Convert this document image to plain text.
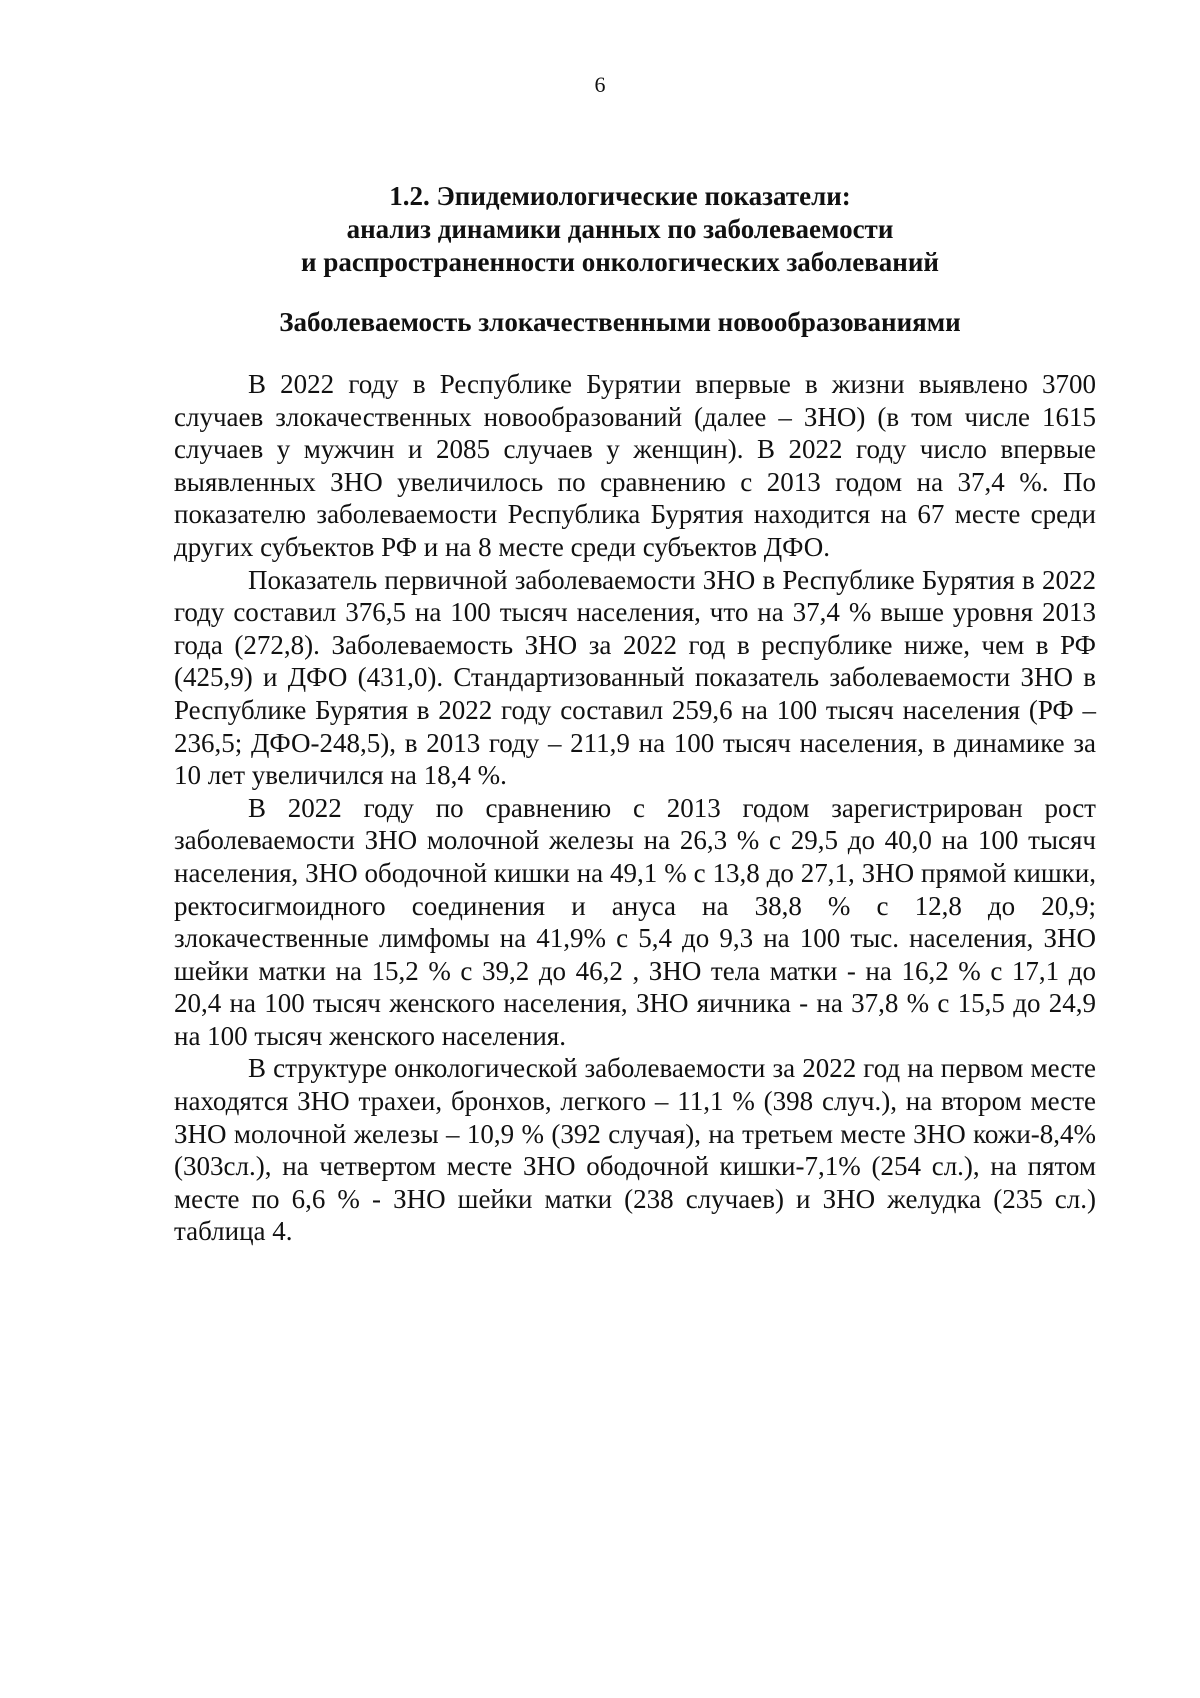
6
1.2. Эпидемиологические показатели:
анализ динамики данных по заболеваемости
и распространенности онкологических заболеваний
Заболеваемость злокачественными новообразованиями

В 2022 году в Республике Бурятии впервые в жизни выявлено 3700 случаев злокачественных новообразований (далее – ЗНО) (в том числе 1615 случаев у мужчин и 2085 случаев у женщин). В 2022 году число впервые выявленных ЗНО увеличилось по сравнению с 2013 годом на 37,4 %. По показателю заболеваемости Республика Бурятия находится на 67 месте среди других субъектов РФ и на 8 месте среди субъектов ДФО.

Показатель первичной заболеваемости ЗНО в Республике Бурятия в 2022 году составил 376,5 на 100 тысяч населения, что на 37,4 % выше уровня 2013 года (272,8). Заболеваемость ЗНО за 2022 год в республике ниже, чем в РФ (425,9) и ДФО (431,0). Стандартизованный показатель заболеваемости ЗНО в Республике Бурятия в 2022 году составил 259,6 на 100 тысяч населения (РФ – 236,5; ДФО-248,5), в 2013 году – 211,9 на 100 тысяч населения, в динамике за 10 лет увеличился на 18,4 %.

В 2022 году по сравнению с 2013 годом зарегистрирован рост заболеваемости ЗНО молочной железы на 26,3 % с 29,5 до 40,0 на 100 тысяч населения, ЗНО ободочной кишки на 49,1 % с 13,8 до 27,1, ЗНО прямой кишки, ректосигмоидного соединения и ануса на 38,8 % с 12,8 до 20,9; злокачественные лимфомы на 41,9% с 5,4 до 9,3 на 100 тыс. населения, ЗНО шейки матки на 15,2 % с 39,2 до 46,2 , ЗНО тела матки - на 16,2 % с 17,1 до 20,4 на 100 тысяч женского населения, ЗНО яичника - на 37,8 % с 15,5 до 24,9 на 100 тысяч женского населения.

В структуре онкологической заболеваемости за 2022 год на первом месте находятся ЗНО трахеи, бронхов, легкого – 11,1 % (398 случ.), на втором месте ЗНО молочной железы – 10,9 % (392 случая), на третьем месте ЗНО кожи-8,4% (303сл.), на четвертом месте ЗНО ободочной кишки-7,1% (254 сл.), на пятом месте по 6,6 % - ЗНО шейки матки (238 случаев) и ЗНО желудка (235 сл.) таблица 4.
